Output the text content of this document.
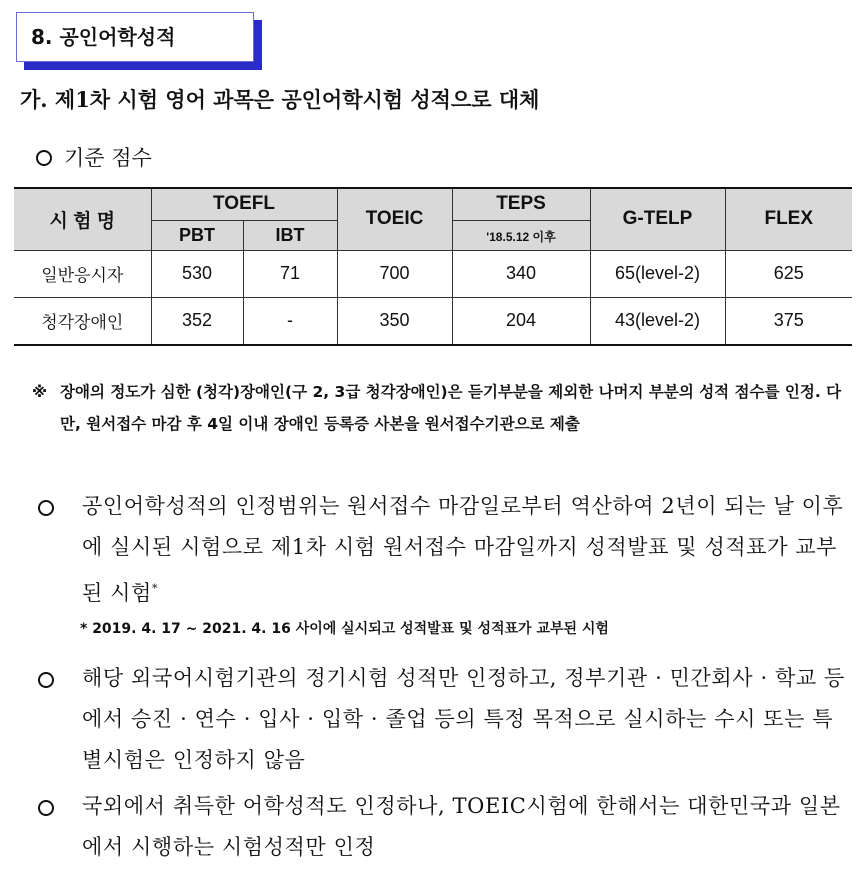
8. 공인어학성적
가. 제1차 시험 영어 과목은 공인어학시험 성적으로 대체
기준 점수
시 험 명	TOEFL		TOEIC	TEPS	G-TELP	FLEX
	PBT	IBT		'18.5.12 이후		
일반응시자	530	71	700	340	65(level-2)	625
청각장애인	352	-	350	204	43(level-2)	375
※ 장애의 정도가 심한 (청각)장애인(구 2, 3급 청각장애인)은 듣기부분을 제외한 나머지 부분의 성적 점수를 인정. 다만, 원서접수 마감 후 4일 이내 장애인 등록증 사본을 원서접수기관으로 제출
공인어학성적의 인정범위는 원서접수 마감일로부터 역산하여 2년이 되는 날 이후에 실시된 시험으로 제1차 시험 원서접수 마감일까지 성적발표 및 성적표가 교부된 시험*
* 2019. 4. 17 ~ 2021. 4. 16 사이에 실시되고 성적발표 및 성적표가 교부된 시험
해당 외국어시험기관의 정기시험 성적만 인정하고, 정부기관 · 민간회사 · 학교 등에서 승진 · 연수 · 입사 · 입학 · 졸업 등의 특정 목적으로 실시하는 수시 또는 특별시험은 인정하지 않음
국외에서 취득한 어학성적도 인정하나, TOEIC시험에 한해서는 대한민국과 일본에서 시행하는 시험성적만 인정
